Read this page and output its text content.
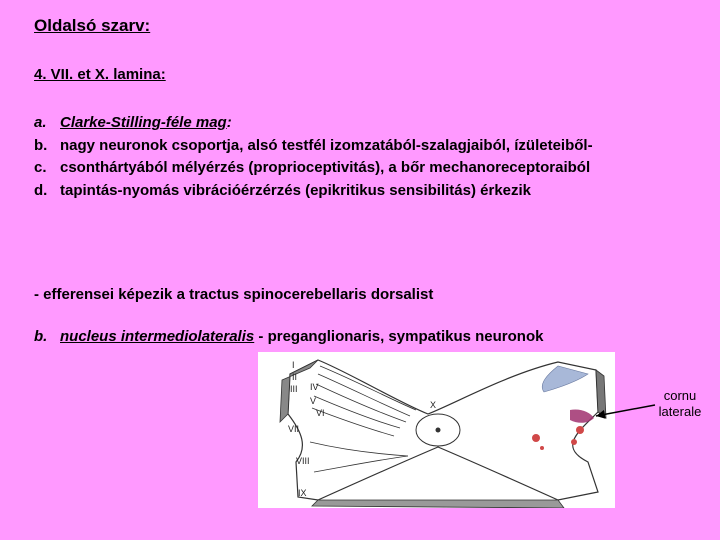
Oldalsó szarv:
4. VII. et X. lamina:
a. Clarke-Stilling-féle mag:
b. nagy neuronok csoportja, alsó testfél izomzatából-szalagjaiból, ízületeiből-
c. csonthártyából mélyérzés (proprioceptivitás), a bőr mechanoreceptoraiból
d. tapintás-nyomás vibrációérzérzés (epikritikus sensibilitás) érkezik
- efferensei képezik a tractus spinocerebellaris dorsalist
b. nucleus intermediolateralis - preganglionaris, sympatikus neuronok
I
II
III IV
V
VI
VII
VIII
IX
X
cornu
laterale
